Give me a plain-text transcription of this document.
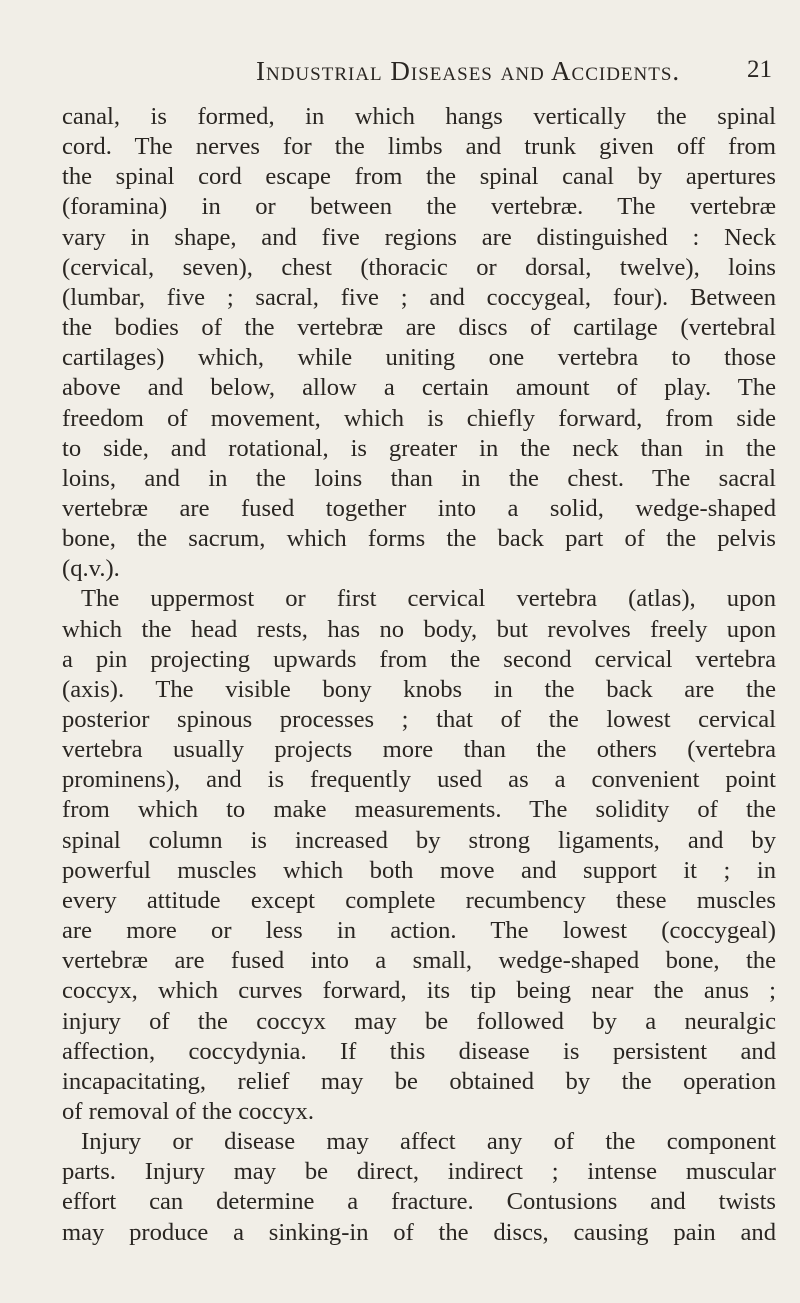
Industrial Diseases and Accidents.	21
canal, is formed, in which hangs vertically the spinal
cord. The nerves for the limbs and trunk given off from
the spinal cord escape from the spinal canal by apertures
(foramina) in or between the vertebræ. The vertebræ
vary in shape, and five regions are distinguished : Neck
(cervical, seven), chest (thoracic or dorsal, twelve), loins
(lumbar, five ; sacral, five ; and coccygeal, four). Between
the bodies of the vertebræ are discs of cartilage (vertebral
cartilages) which, while uniting one vertebra to those
above and below, allow a certain amount of play. The
freedom of movement, which is chiefly forward, from side
to side, and rotational, is greater in the neck than in the
loins, and in the loins than in the chest. The sacral
vertebræ are fused together into a solid, wedge-shaped
bone, the sacrum, which forms the back part of the pelvis
(q.v.).
The uppermost or first cervical vertebra (atlas), upon
which the head rests, has no body, but revolves freely upon
a pin projecting upwards from the second cervical vertebra
(axis). The visible bony knobs in the back are the
posterior spinous processes ; that of the lowest cervical
vertebra usually projects more than the others (vertebra
prominens), and is frequently used as a convenient point
from which to make measurements. The solidity of the
spinal column is increased by strong ligaments, and by
powerful muscles which both move and support it ; in
every attitude except complete recumbency these muscles
are more or less in action. The lowest (coccygeal)
vertebræ are fused into a small, wedge-shaped bone, the
coccyx, which curves forward, its tip being near the anus ;
injury of the coccyx may be followed by a neuralgic
affection, coccydynia. If this disease is persistent and
incapacitating, relief may be obtained by the operation
of removal of the coccyx.
Injury or disease may affect any of the component
parts. Injury may be direct, indirect ; intense muscular
effort can determine a fracture. Contusions and twists
may produce a sinking-in of the discs, causing pain and
